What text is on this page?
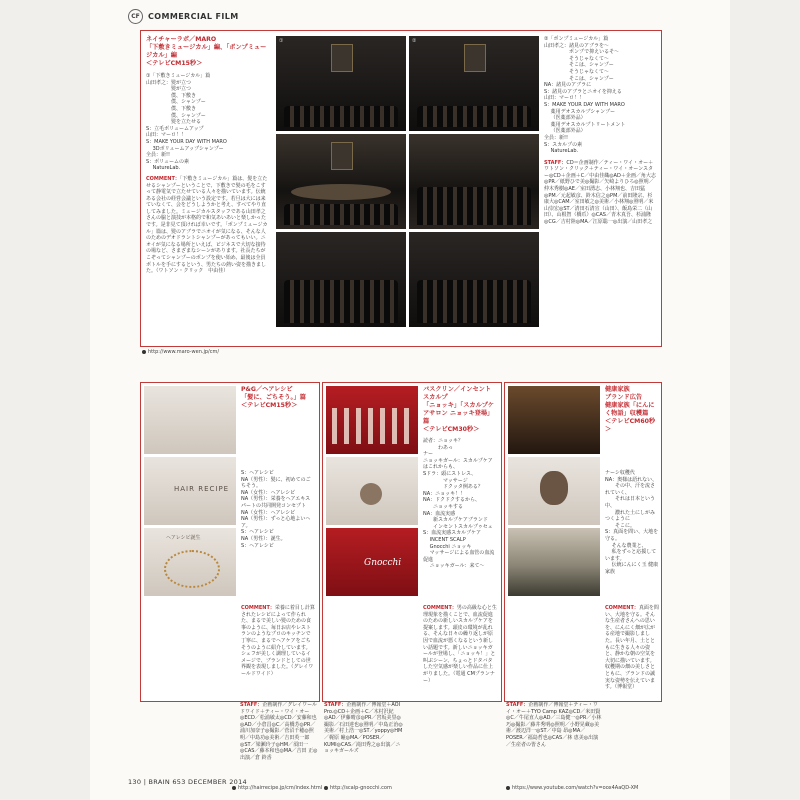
CF	COMMERCIAL FILM
ネイチャーラボ／MARO
「下敷きミュージカル」編、「ポンプミュージカル」編
＜テレビCM15秒＞
①「下敷きミュージカル」篇
山田孝之：髪が立つ
　　　　　髪が立つ
　　　　　僕、下敷き
　　　　　僕、シャンプー
　　　　　僕、下敷き
　　　　　僕、シャンプー
　　　　　髪を立たせる
S：立毛ボリュームアップ
山田：マーロ！！
S：MAKE YOUR DAY WITH MARO
　 3Dボリュームアップシャンプー
全員：新!!
S：ボリュームの素
　 NatureLab.
COMMENT：「下敷きミュージカル」篇は、髪を立たせるシャンプーということで、下敷きで髪の毛をこすって静電気で立たせている人々を描いています。伝統ある会社の経営会議という設定です。若旦は大には来ていなくて、会をどうしようかと考え、すべてやり直してみました。ミュージカルスタッフである山田孝之さんの脇と演技が本格的で和気あいあいと楽しかったです。是非見て頂ければ幸いです。「ポンプミュージカル」篇は、髪のアブラでニオイが気になる、そんな人のためのデオドラントシャンプーがあってもいい。ニオイが気になる場所といえば、ビジネスで大切な接待の場など、さまざまなシーンがあります。社長たちがこぞってシャンプーのポンプを使い始め、最後は全員ボトルを手にするという、男たちの熱い姿を描きました。（ワトソン・クリック　中由佳）
①	②	②「ポンプミュージカル」篇
山田孝之：諸見のアブラを～
　　　　　ポンプで抑えいるそ～
　　　　　そうじゃなくて～
　　　　　そこは、シャンプー
　　　　　そうじゃなくて～
　　　　　そこは、シャンプー
NA：諸見のアブラに
S：諸見のアブラとニオイを抑える
山田：マーロ！！
S：MAKE YOUR DAY WITH MARO
　 薬用デオスカルプシャンプー
　 （医薬部外品）
　 薬用デオスカルプトリートメント
　 （医薬部外品）
全員：新!!
S：スカルプの素
　 NatureLab.
STAFF：CD＝企画制作／ティー・ワイ・オー＋ワトソン・クリック＋ティー・ワイ・オーンスター◎CD＋企画＋C／中由佳織◎AD＋企画／角大志◎PR／紙野ひで美◎撮影／矢崎よりひろ◎照明／仲木秀樹◎AE／室田湧志、小林翔也、吉田猛◎PM／元起敏彦、鈴木信之◎PM／前田隆宗、杉康大◎CAM／室田敏之◎美術／小林翔◎照明／米山崇宏◎ST／清田石清宣（山田）、飯島栄二（山田）、山根智（橋爪）◎CAS／青木真吾、杉浦隆◎CG／吉村陸◎MA／江原聡一◎出演／山田孝之
http://www.maro-wen.jp/cm/
HAIR RECIPE
ヘアレシピ誕生
P&G／ヘアレシピ
「髪に、ごちそう。」篇
＜テレビCM15秒＞
S：ヘアレシピ
NA（男性）：髪に、初めてのごちそう。
NA（女性）：ヘアレシピ
NA（男性）：栄養をヘアエキスパートの共同開発コンセプト
NA（女性）：ヘアレシピ
NA（男性）：ずっと心地よいヘア。
S：ヘアレシピ
NA（男性）：誕生。
S：ヘアレシピ
COMMENT：栄養に着目し計算されたレシピによって作られた、まるで美しい髪のための食事のように、毎日お店やレストランのようなプロのキッチンで丁寧に、まるでヘアケアをごちそうのように紹介しています。シェフが美しく調理しているイメージで、ブランドとしての世界観を表現しました。（グレイワールドワイド）
STAFF：企画制作／グレイワールドワイド＋ティー・ワイ・オー◎ECD／松浦敏太◎CD／安藤和也◎AD／小倉昌◎C／高橋芳◎PR／浦川加奈子◎撮影／菅沼千穂◎照明／中島功◎美術／吉田英一郎◎ST／梁瀬玲子◎HM／須田一◎CAS／藤本和也◎MA／吉田 正◎出演／倉 鈴香
Gnocchi
バスクリン／インセントスカルプ
「ニョッキ」「スカルプケアサロン ニョッキ登場」篇
＜テレビCM30秒＞
読者：ニョッキ？
　　　わあっ
ナー
ニョッキガール：スカルプケアはこれからも、
Sドラ：頭にストレス、
　　　　マッサージ
　　　　ドクッタ例ある？
NA：ニョッキ！！
NA：ドクドクするから、
　　ニョッキする
NA：血流実感
　　新スカルプケアブランド
　　インセントスカルプゥセェ
S：血流実感スカルプケア
　 INCENT SCALP
　 Gnocchi ニョッキ
　 マッサージによる血管の血流促進
　 ニョッキガール：来て～
COMMENT：男の高級な心と生理現象を描くことで、血流促進のための新しいスカルプケアを提案します。頭皮の環境が乱れる、そんな日々の繰り返しが原因で血流が悪くなるという新しい話題です。新しいニョッキガールが登場し、「ニョッキ！」と叫ぶシーン、ちょっとドタバタした空気感が楽しい作品に仕上がりました。（電通 CMプランナー）
STAFF：企画制作／博報堂＋AOI Pro.◎CD＋企画＋C／木村沢紀◎AD／伊藤晴彦◎PR／宮坂美里◎撮影／石田達也◎照明／中島正治◎美術／村上浩一◎ST／yoppy◎HM／梶原 瞳◎MA／POSER／KUMI◎CAS／滝田秀之◎出演／ニョッキガールズ
健康家族
ブランド広告
健康家族「にんにく物語」収穫篇
＜テレビCM60秒＞
ナーシ収穫代
NA：奥様は語れない、
　　その中、汗を流されていく、
　　それは日本という中、
　　濃れた土にしがみつくように
　　そこに。
S：真面を問い、大地を守る。
　 そんな農業と、
　 私をずっと応援しています。
　 伝統にんにく玉 健康家族
COMMENT：真面を問い、大地を守る。そんな生産者さんへの思いを、にんにく畑が広がる産地で撮影しました。長い年月、土とともに生きる人々の姿と、静かな朝の空気を大切に描いています。収穫期の畑の美しさとともに、ブランドの誠実な姿勢を伝えています。（博報堂）
STAFF：企画制作／博報堂＋ティー・ワイ・オー＋TYO Camp KAZ◎CD／米田賢◎C／牛尾直人◎AD／三島健一◎PR／小林 巧◎撮影／藤井秀明◎照明／小野晃蔵◎美術／渡辺洋一◎ST／中島 昂◎MA／POSER／福島哲也◎CAS／林 恵美◎出演／生産者の皆さん
http://hairrecipe.jp/cm/index.html http://scalp-gnocchi.com	https://www.youtube.com/watch?v=oox4AaQD-XM
130 | BRAIN 653 DECEMBER 2014
